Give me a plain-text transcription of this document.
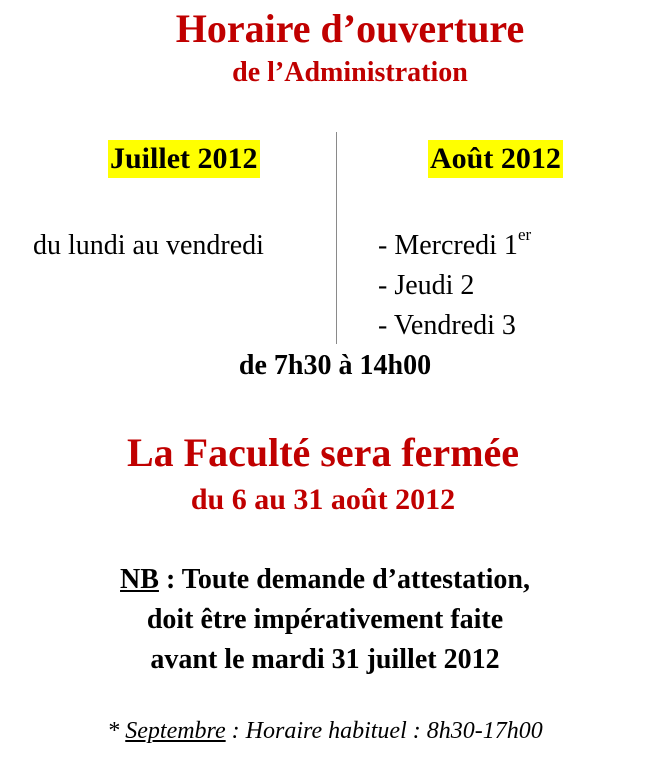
Horaire d’ouverture
de l’Administration
Juillet 2012	Août 2012
du lundi au vendredi	- Mercredi 1er
- Jeudi 2
- Vendredi 3
de 7h30 à 14h00
La Faculté sera fermée
du 6 au 31 août 2012
NB : Toute demande d’attestation,
doit être impérativement faite
avant le mardi 31 juillet 2012
* Septembre : Horaire habituel : 8h30-17h00
